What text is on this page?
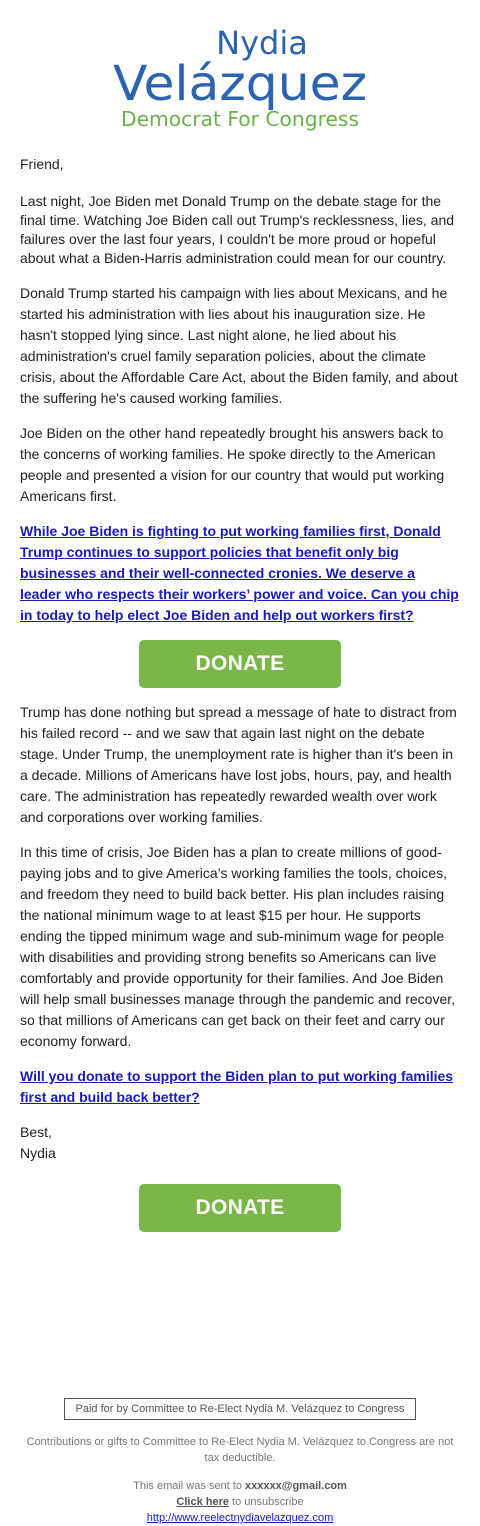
Nydia
Velázquez
Democrat For Congress

Friend,

Last night, Joe Biden met Donald Trump on the debate stage for the final time. Watching Joe Biden call out Trump's recklessness, lies, and failures over the last four years, I couldn't be more proud or hopeful about what a Biden-Harris administration could mean for our country.

Donald Trump started his campaign with lies about Mexicans, and he started his administration with lies about his inauguration size. He hasn't stopped lying since. Last night alone, he lied about his administration's cruel family separation policies, about the climate crisis, about the Affordable Care Act, about the Biden family, and about the suffering he's caused working families.

Joe Biden on the other hand repeatedly brought his answers back to the concerns of working families. He spoke directly to the American people and presented a vision for our country that would put working Americans first.

While Joe Biden is fighting to put working families first, Donald Trump continues to support policies that benefit only big businesses and their well-connected cronies. We deserve a leader who respects their workers’ power and voice. Can you chip in today to help elect Joe Biden and help out workers first?
DONATE

Trump has done nothing but spread a message of hate to distract from his failed record -- and we saw that again last night on the debate stage. Under Trump, the unemployment rate is higher than it's been in a decade. Millions of Americans have lost jobs, hours, pay, and health care. The administration has repeatedly rewarded wealth over work and corporations over working families.

In this time of crisis, Joe Biden has a plan to create millions of good-paying jobs and to give America’s working families the tools, choices, and freedom they need to build back better. His plan includes raising the national minimum wage to at least $15 per hour. He supports ending the tipped minimum wage and sub-minimum wage for people with disabilities and providing strong benefits so Americans can live comfortably and provide opportunity for their families. And Joe Biden will help small businesses manage through the pandemic and recover, so that millions of Americans can get back on their feet and carry our economy forward.

Will you donate to support the Biden plan to put working families first and build back better?
Best,
Nydia
DONATE
Paid for by Committee to Re-Elect Nydia M. Velázquez to Congress
Contributions or gifts to Committee to Re-Elect Nydia M. Velázquez to Congress are not tax deductible.
This email was sent to xxxxxx@gmail.com
Click here to unsubscribe
http://www.reelectnydiavelazquez.com
